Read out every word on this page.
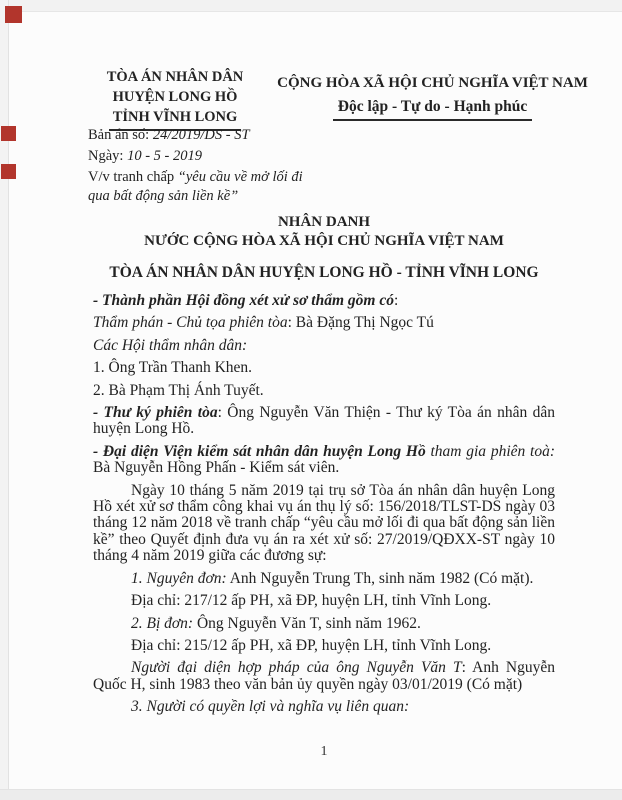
TÒA ÁN NHÂN DÂN
HUYỆN LONG HỒ
TỈNH VĨNH LONG
CỘNG HÒA XÃ HỘI CHỦ NGHĨA VIỆT NAM
Độc lập - Tự do - Hạnh phúc
Bản án số: 24/2019/DS - ST
Ngày: 10 - 5 - 2019
V/v tranh chấp “yêu cầu về mở lối đi qua bất động sản liền kề”

NHÂN DANH
NƯỚC CỘNG HÒA XÃ HỘI CHỦ NGHĨA VIỆT NAM

TÒA ÁN NHÂN DÂN HUYỆN LONG HỒ - TỈNH VĨNH LONG

- Thành phần Hội đồng xét xử sơ thẩm gồm có:

Thẩm phán - Chủ tọa phiên tòa: Bà Đặng Thị Ngọc Tú

Các Hội thẩm nhân dân:

1. Ông Trần Thanh Khen.

2. Bà Phạm Thị Ánh Tuyết.

- Thư ký phiên tòa: Ông Nguyễn Văn Thiện - Thư ký Tòa án nhân dân huyện Long Hồ.

- Đại diện Viện kiểm sát nhân dân huyện Long Hồ tham gia phiên toà: Bà Nguyễn Hồng Phấn - Kiểm sát viên.

Ngày 10 tháng 5 năm 2019 tại trụ sở Tòa án nhân dân huyện Long Hồ xét xử sơ thẩm công khai vụ án thụ lý số: 156/2018/TLST-DS ngày 03 tháng 12 năm 2018 về tranh chấp “yêu cầu mở lối đi qua bất động sản liền kề” theo Quyết định đưa vụ án ra xét xử số: 27/2019/QĐXX-ST ngày 10 tháng 4 năm 2019 giữa các đương sự:

1. Nguyên đơn: Anh Nguyễn Trung Th, sinh năm 1982 (Có mặt).

Địa chỉ: 217/12 ấp PH, xã ĐP, huyện LH, tỉnh Vĩnh Long.

2. Bị đơn: Ông Nguyễn Văn T, sinh năm 1962.

Địa chỉ: 215/12 ấp PH, xã ĐP, huyện LH, tỉnh Vĩnh Long.

Người đại diện hợp pháp của ông Nguyễn Văn T: Anh Nguyễn Quốc H, sinh 1983 theo văn bản ủy quyền ngày 03/01/2019 (Có mặt)

3. Người có quyền lợi và nghĩa vụ liên quan:

1
